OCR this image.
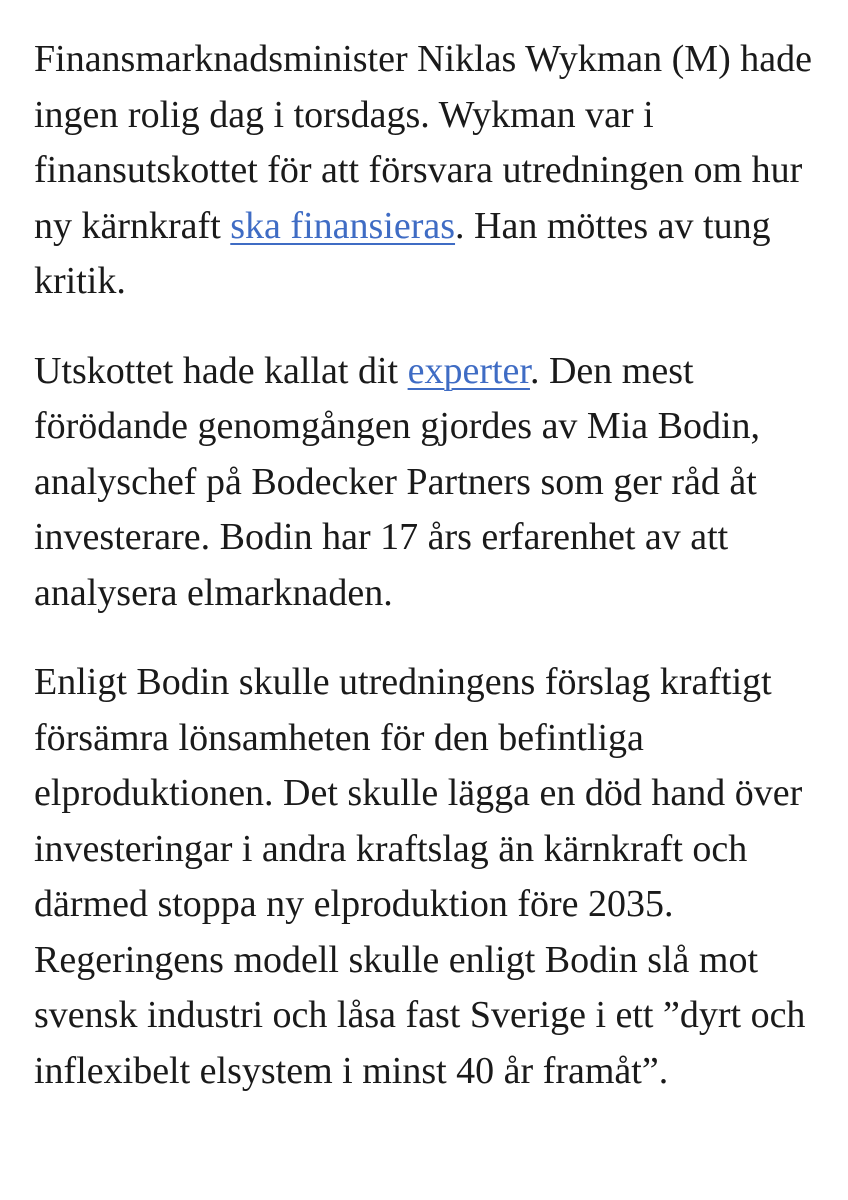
Finansmarknadsminister Niklas Wykman (M) hade ingen rolig dag i torsdags. Wykman var i finansutskottet för att försvara utredningen om hur ny kärnkraft ska finansieras. Han möttes av tung kritik.

Utskottet hade kallat dit experter. Den mest förödande genomgången gjordes av Mia Bodin, analyschef på Bodecker Partners som ger råd åt investerare. Bodin har 17 års erfarenhet av att analysera elmarknaden.

Enligt Bodin skulle utredningens förslag kraftigt försämra lönsamheten för den befintliga elproduktionen. Det skulle lägga en död hand över investeringar i andra kraftslag än kärnkraft och därmed stoppa ny elproduktion före 2035. Regeringens modell skulle enligt Bodin slå mot svensk industri och låsa fast Sverige i ett ”dyrt och inflexibelt elsystem i minst 40 år framåt”.
